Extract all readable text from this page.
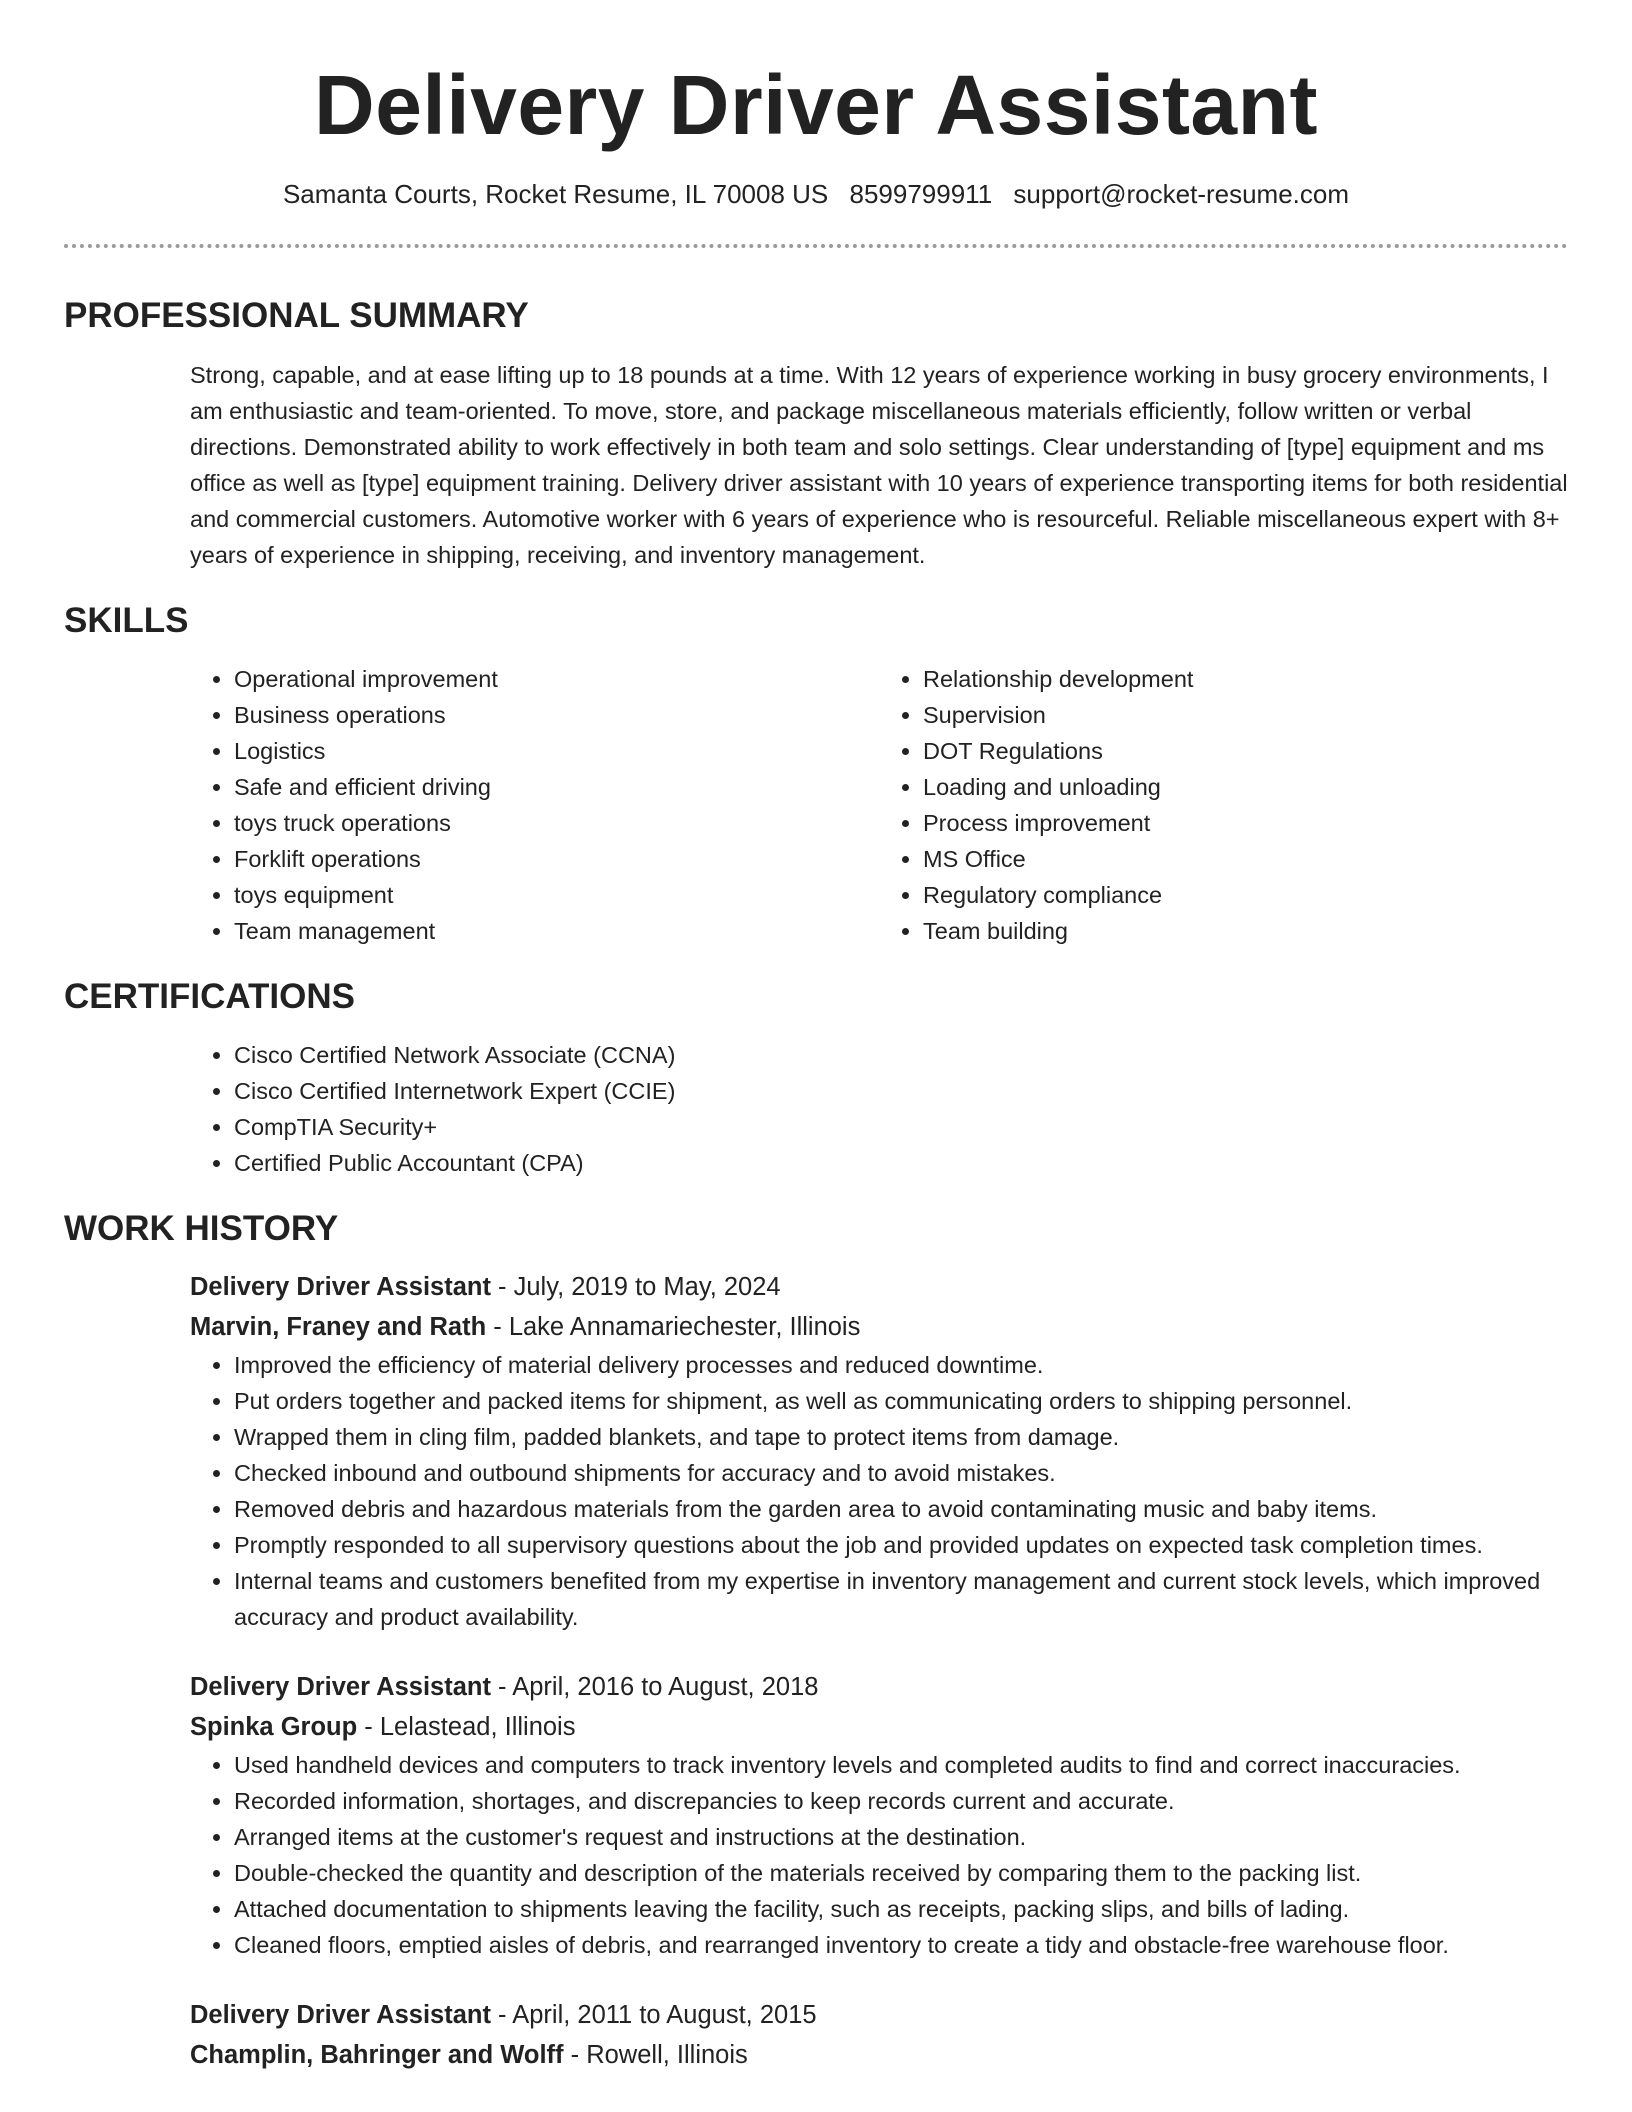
Delivery Driver Assistant
Samanta Courts, Rocket Resume, IL 70008 US 8599799911 support@rocket-resume.com
PROFESSIONAL SUMMARY

Strong, capable, and at ease lifting up to 18 pounds at a time. With 12 years of experience working in busy grocery environments, I am enthusiastic and team-oriented. To move, store, and package miscellaneous materials efficiently, follow written or verbal directions. Demonstrated ability to work effectively in both team and solo settings. Clear understanding of [type] equipment and ms office as well as [type] equipment training. Delivery driver assistant with 10 years of experience transporting items for both residential and commercial customers. Automotive worker with 6 years of experience who is resourceful. Reliable miscellaneous expert with 8+ years of experience in shipping, receiving, and inventory management.

SKILLS
• Operational improvement
• Business operations
• Logistics
• Safe and efficient driving
• toys truck operations
• Forklift operations
• toys equipment
• Team management
• Relationship development
• Supervision
• DOT Regulations
• Loading and unloading
• Process improvement
• MS Office
• Regulatory compliance
• Team building
CERTIFICATIONS
• Cisco Certified Network Associate (CCNA)
• Cisco Certified Internetwork Expert (CCIE)
• CompTIA Security+
• Certified Public Accountant (CPA)
WORK HISTORY
Delivery Driver Assistant - July, 2019 to May, 2024
Marvin, Franey and Rath - Lake Annamariechester, Illinois
• Improved the efficiency of material delivery processes and reduced downtime.
• Put orders together and packed items for shipment, as well as communicating orders to shipping personnel.
• Wrapped them in cling film, padded blankets, and tape to protect items from damage.
• Checked inbound and outbound shipments for accuracy and to avoid mistakes.
• Removed debris and hazardous materials from the garden area to avoid contaminating music and baby items.
• Promptly responded to all supervisory questions about the job and provided updates on expected task completion times.
• Internal teams and customers benefited from my expertise in inventory management and current stock levels, which improved accuracy and product availability.
Delivery Driver Assistant - April, 2016 to August, 2018
Spinka Group - Lelastead, Illinois
• Used handheld devices and computers to track inventory levels and completed audits to find and correct inaccuracies.
• Recorded information, shortages, and discrepancies to keep records current and accurate.
• Arranged items at the customer's request and instructions at the destination.
• Double-checked the quantity and description of the materials received by comparing them to the packing list.
• Attached documentation to shipments leaving the facility, such as receipts, packing slips, and bills of lading.
• Cleaned floors, emptied aisles of debris, and rearranged inventory to create a tidy and obstacle-free warehouse floor.
Delivery Driver Assistant - April, 2011 to August, 2015
Champlin, Bahringer and Wolff - Rowell, Illinois
